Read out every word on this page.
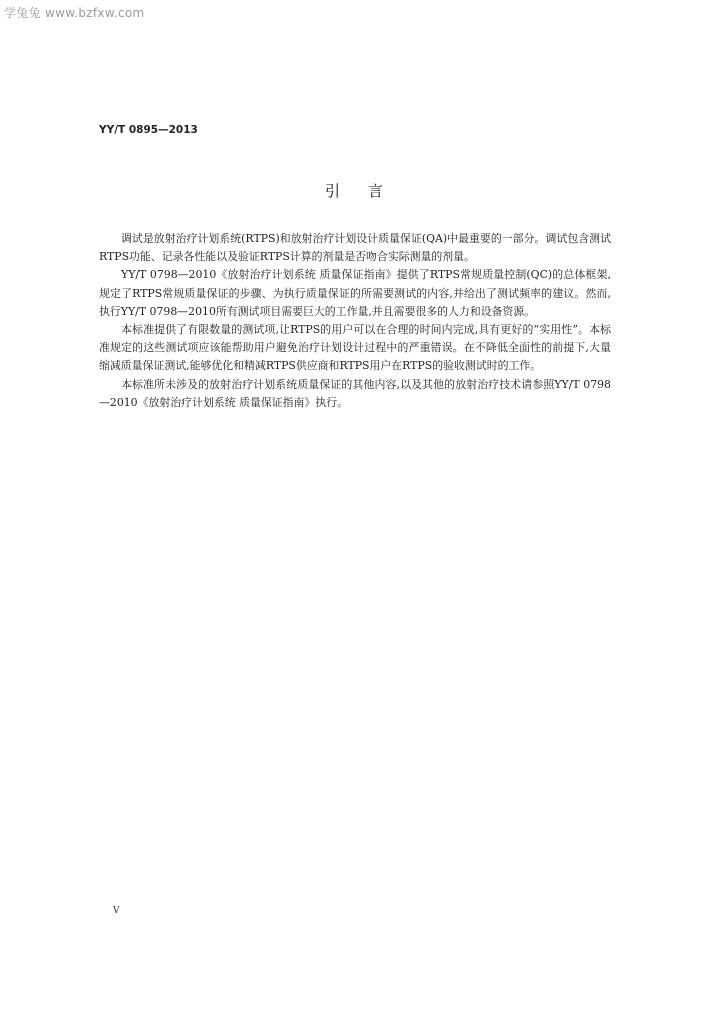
学兔兔 www.bzfxw.com
YY/T 0895—2013
引言

调试是放射治疗计划系统(RTPS)和放射治疗计划设计质量保证(QA)中最重要的一部分。调试包含测试RTPS功能、记录各性能以及验证RTPS计算的剂量是否吻合实际测量的剂量。

YY/T 0798—2010《放射治疗计划系统 质量保证指南》提供了RTPS常规质量控制(QC)的总体框架,规定了RTPS常规质量保证的步骤、为执行质量保证的所需要测试的内容,并给出了测试频率的建议。然而,执行YY/T 0798—2010所有测试项目需要巨大的工作量,并且需要很多的人力和设备资源。

本标准提供了有限数量的测试项,让RTPS的用户可以在合理的时间内完成,具有更好的“实用性”。本标准规定的这些测试项应该能帮助用户避免治疗计划设计过程中的严重错误。在不降低全面性的前提下,大量缩减质量保证测试,能够优化和精减RTPS供应商和RTPS用户在RTPS的验收测试时的工作。

本标准所未涉及的放射治疗计划系统质量保证的其他内容,以及其他的放射治疗技术请参照YY/T 0798—2010《放射治疗计划系统 质量保证指南》执行。

Ⅴ
